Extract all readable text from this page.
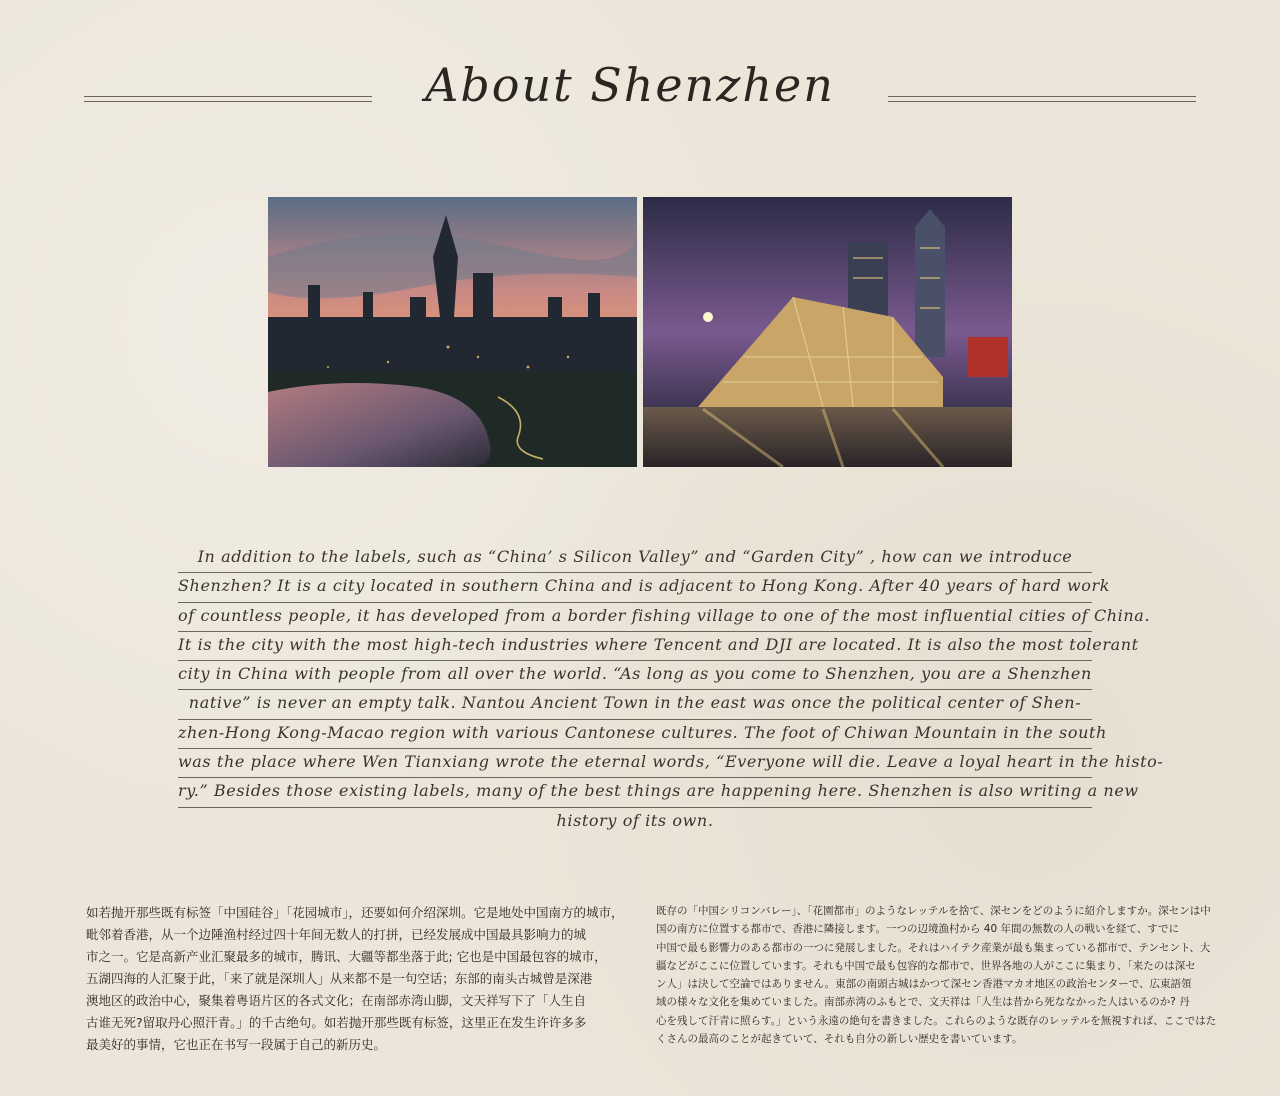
About Shenzhen
In addition to the labels, such as “China’ s Silicon Valley” and “Garden City” , how can we introduce
Shenzhen? It is a city located in southern China and is adjacent to Hong Kong. After 40 years of hard work
of countless people, it has developed from a border fishing village to one of the most influential cities of China.
It is the city with the most high-tech industries where Tencent and DJI are located. It is also the most tolerant
city in China with people from all over the world. “As long as you come to Shenzhen, you are a Shenzhen
native” is never an empty talk. Nantou Ancient Town in the east was once the political center of Shen-
zhen-Hong Kong-Macao region with various Cantonese cultures. The foot of Chiwan Mountain in the south
was the place where Wen Tianxiang wrote the eternal words, “Everyone will die. Leave a loyal heart in the histo-
ry.” Besides those existing labels, many of the best things are happening here. Shenzhen is also writing a new
history of its own.
如若抛开那些既有标签「中国硅谷」「花园城市」，还要如何介绍深圳。它是地处中国南方的城市，
毗邻着香港，从一个边陲渔村经过四十年间无数人的打拼，已经发展成中国最具影响力的城
市之一。它是高新产业汇聚最多的城市，腾讯、大疆等都坐落于此; 它也是中国最包容的城市，
五湖四海的人汇聚于此，「来了就是深圳人」从来都不是一句空话；东部的南头古城曾是深港
澳地区的政治中心，聚集着粤语片区的各式文化；在南部赤湾山脚，文天祥写下了「人生自
古谁无死?留取丹心照汗青。」的千古绝句。如若抛开那些既有标签，这里正在发生许许多多
最美好的事情，它也正在书写一段属于自己的新历史。
既存の「中国シリコンバレー」、「花園都市」のようなレッテルを捨て、深センをどのように紹介しますか。深センは中
国の南方に位置する都市で、香港に隣接します。一つの辺境漁村から 40 年間の無数の人の戦いを経て、すでに
中国で最も影響力のある都市の一つに発展しました。それはハイテク産業が最も集まっている都市で、テンセント、大
疆などがここに位置しています。それも中国で最も包容的な都市で、世界各地の人がここに集まり、「来たのは深セ
ン人」は決して空論ではありません。東部の南頭古城はかつて深セン香港マカオ地区の政治センターで、広東語領
域の様々な文化を集めていました。南部赤湾のふもとで、文天祥は「人生は昔から死ななかった人はいるのか? 丹
心を残して汗青に照らす。」という永遠の絶句を書きました。これらのような既存のレッテルを無視すれば、ここではた
くさんの最高のことが起きていて、それも自分の新しい歴史を書いています。
